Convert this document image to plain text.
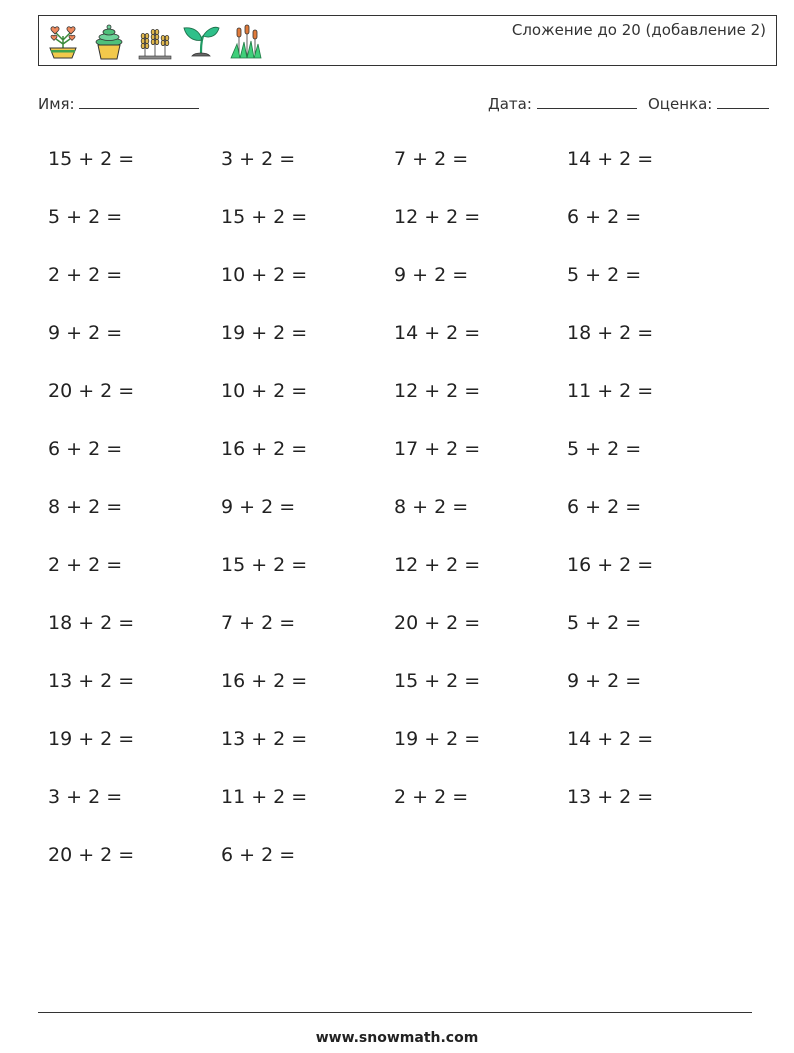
Сложение до 20 (добавление 2)
Имя:	Дата:	Оценка:
15 + 2 =	3 + 2 =	7 + 2 =	14 + 2 =
5 + 2 =	15 + 2 =	12 + 2 =	6 + 2 =
2 + 2 =	10 + 2 =	9 + 2 =	5 + 2 =
9 + 2 =	19 + 2 =	14 + 2 =	18 + 2 =
20 + 2 =	10 + 2 =	12 + 2 =	11 + 2 =
6 + 2 =	16 + 2 =	17 + 2 =	5 + 2 =
8 + 2 =	9 + 2 =	8 + 2 =	6 + 2 =
2 + 2 =	15 + 2 =	12 + 2 =	16 + 2 =
18 + 2 =	7 + 2 =	20 + 2 =	5 + 2 =
13 + 2 =	16 + 2 =	15 + 2 =	9 + 2 =
19 + 2 =	13 + 2 =	19 + 2 =	14 + 2 =
3 + 2 =	11 + 2 =	2 + 2 =	13 + 2 =
20 + 2 =	6 + 2 =
www.snowmath.com
